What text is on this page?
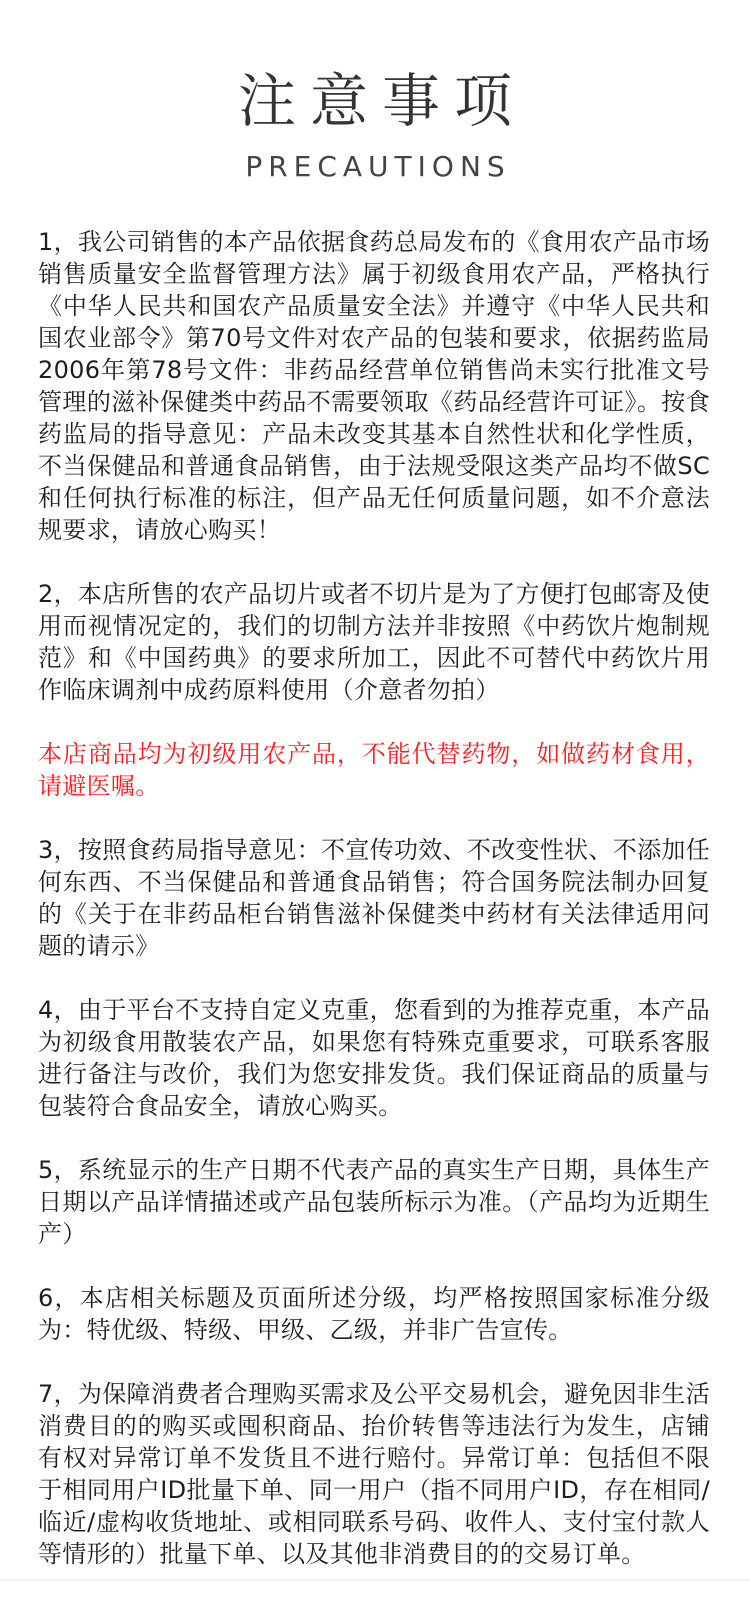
注意事项
PRECAUTIONS

1，我公司销售的本产品依据食药总局发布的《食用农产品市场销售质量安全监督管理方法》属于初级食用农产品，严格执行《中华人民共和国农产品质量安全法》并遵守《中华人民共和国农业部令》第70号文件对农产品的包装和要求，依据药监局2006年第78号文件：非药品经营单位销售尚未实行批准文号管理的滋补保健类中药品不需要领取《药品经营许可证》。按食药监局的指导意见：产品未改变其基本自然性状和化学性质，不当保健品和普通食品销售，由于法规受限这类产品均不做SC和任何执行标准的标注，但产品无任何质量问题，如不介意法规要求，请放心购买！

2，本店所售的农产品切片或者不切片是为了方便打包邮寄及使用而视情况定的，我们的切制方法并非按照《中药饮片炮制规范》和《中国药典》的要求所加工，因此不可替代中药饮片用作临床调剂中成药原料使用（介意者勿拍）

本店商品均为初级用农产品，不能代替药物，如做药材食用，请避医嘱。

3，按照食药局指导意见：不宣传功效、不改变性状、不添加任何东西、不当保健品和普通食品销售；符合国务院法制办回复的《关于在非药品柜台销售滋补保健类中药材有关法律适用问题的请示》

4，由于平台不支持自定义克重，您看到的为推荐克重，本产品为初级食用散装农产品，如果您有特殊克重要求，可联系客服进行备注与改价，我们为您安排发货。我们保证商品的质量与包装符合食品安全，请放心购买。

5，系统显示的生产日期不代表产品的真实生产日期，具体生产日期以产品详情描述或产品包装所标示为准。（产品均为近期生产）

6，本店相关标题及页面所述分级，均严格按照国家标准分级为：特优级、特级、甲级、乙级，并非广告宣传。

7，为保障消费者合理购买需求及公平交易机会，避免因非生活消费目的的购买或囤积商品、抬价转售等违法行为发生，店铺有权对异常订单不发货且不进行赔付。异常订单：包括但不限于相同用户ID批量下单、同一用户（指不同用户ID，存在相同/临近/虚构收货地址、或相同联系号码、收件人、支付宝付款人等情形的）批量下单、以及其他非消费目的的交易订单。
